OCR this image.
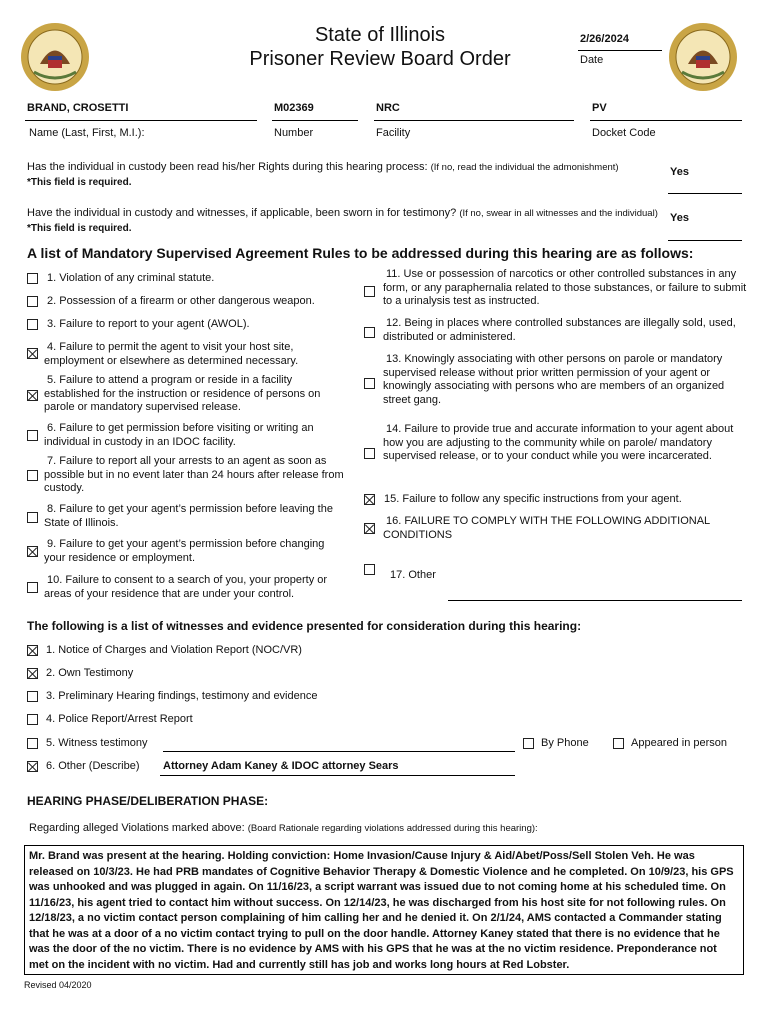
State of Illinois
Prisoner Review Board Order
2/26/2024
Date
BRAND, CROSETTI
Name (Last, First, M.I.):
M02369
Number
NRC
Facility
PV
Docket Code
Has the individual in custody been read his/her Rights during this hearing process: (If no, read the individual the admonishment)
*This field is required.
Yes
Have the individual in custody and witnesses, if applicable, been sworn in for testimony? (If no, swear in all witnesses and the individual) *This field is required.
Yes
A list of Mandatory Supervised Agreement Rules to be addressed during this hearing are as follows:
1. Violation of any criminal statute.
2. Possession of a firearm or other dangerous weapon.
3. Failure to report to your agent (AWOL).
4. Failure to permit the agent to visit your host site, employment or elsewhere as determined necessary.
5. Failure to attend a program or reside in a facility established for the instruction or residence of persons on parole or mandatory supervised release.
6. Failure to get permission before visiting or writing an individual in custody in an IDOC facility.
7. Failure to report all your arrests to an agent as soon as possible but in no event later than 24 hours after release from custody.
8. Failure to get your agent’s permission before leaving the State of Illinois.
9. Failure to get your agent’s permission before changing your residence or employment.
10. Failure to consent to a search of you, your property or areas of your residence that are under your control.
11. Use or possession of narcotics or other controlled substances in any form, or any paraphernalia related to those substances, or failure to submit to a urinalysis test as instructed.
12. Being in places where controlled substances are illegally sold, used, distributed or administered.
13. Knowingly associating with other persons on parole or mandatory supervised release without prior written permission of your agent or knowingly associating with persons who are members of an organized street gang.
14. Failure to provide true and accurate information to your agent about how you are adjusting to the community while on parole/ mandatory supervised release, or to your conduct while you were incarcerated.
15. Failure to follow any specific instructions from your agent.
16. FAILURE TO COMPLY WITH THE FOLLOWING ADDITIONAL CONDITIONS
17. Other
The following is a list of witnesses and evidence presented for consideration during this hearing:
1. Notice of Charges and Violation Report (NOC/VR)
2. Own Testimony
3. Preliminary Hearing findings, testimony and evidence
4. Police Report/Arrest Report
5. Witness testimony	By Phone	Appeared in person
6. Other (Describe) Attorney Adam Kaney & IDOC attorney Sears
HEARING PHASE/DELIBERATION PHASE:
Regarding alleged Violations marked above: (Board Rationale regarding violations addressed during this hearing):
Mr. Brand was present at the hearing. Holding conviction: Home Invasion/Cause Injury & Aid/Abet/Poss/Sell Stolen Veh. He was released on 10/3/23. He had PRB mandates of Cognitive Behavior Therapy & Domestic Violence and he completed. On 10/9/23, his GPS was unhooked and was plugged in again. On 11/16/23, a script warrant was issued due to not coming home at his scheduled time. On 11/16/23, his agent tried to contact him without success. On 12/14/23, he was discharged from his host site for not following rules. On 12/18/23, a no victim contact person complaining of him calling her and he denied it. On 2/1/24, AMS contacted a Commander stating that he was at a door of a no victim contact trying to pull on the door handle. Attorney Kaney stated that there is no evidence that he was the door of the no victim. There is no evidence by AMS with his GPS that he was at the no victim residence. Preponderance not met on the incident with no victim. Had and currently still has job and works long hours at Red Lobster.
Revised 04/2020
